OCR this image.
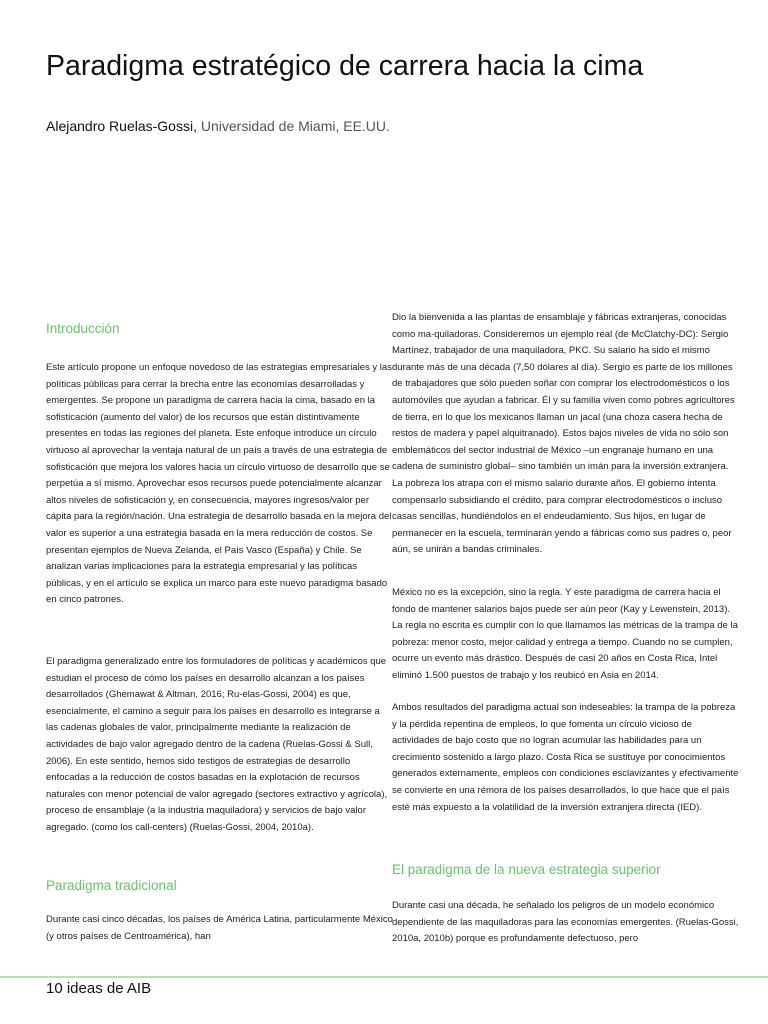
Paradigma estratégico de carrera hacia la cima
Alejandro Ruelas-Gossi, Universidad de Miami, EE.UU.
Introducción

Este artículo propone un enfoque novedoso de las estrategias empresariales y las políticas públicas para cerrar la brecha entre las economías desarrolladas y emergentes. Se propone un paradigma de carrera hacia la cima, basado en la sofisticación (aumento del valor) de los recursos que están distintivamente presentes en todas las regiones del planeta. Este enfoque introduce un círculo virtuoso al aprovechar la ventaja natural de un país a través de una estrategia de sofisticación que mejora los valores hacia un círculo virtuoso de desarrollo que se perpetúa a sí mismo. Aprovechar esos recursos puede potencialmente alcanzar altos niveles de sofisticación y, en consecuencia, mayores ingresos/valor per cápita para la región/nación. Una estrategia de desarrollo basada en la mejora del valor es superior a una estrategia basada en la mera reducción de costos. Se presentan ejemplos de Nueva Zelanda, el País Vasco (España) y Chile. Se analizan varias implicaciones para la estrategia empresarial y las políticas públicas, y en el artículo se explica un marco para este nuevo paradigma basado en cinco patrones.

El paradigma generalizado entre los formuladores de políticas y académicos que estudian el proceso de cómo los países en desarrollo alcanzan a los países desarrollados (Ghemawat & Altman, 2016; Ru-elas-Gossi, 2004) es que, esencialmente, el camino a seguir para los países en desarrollo es integrarse a las cadenas globales de valor, principalmente mediante la realización de actividades de bajo valor agregado dentro de la cadena (Ruelas-Gossi & Sull, 2006). En este sentido, hemos sido testigos de estrategias de desarrollo enfocadas a la reducción de costos basadas en la explotación de recursos naturales con menor potencial de valor agregado (sectores extractivo y agrícola), proceso de ensamblaje (a la industria maquiladora) y servicios de bajo valor agregado. (como los call-centers) (Ruelas-Gossi, 2004, 2010a).

Paradigma tradicional

Durante casi cinco décadas, los países de América Latina, particularmente México (y otros países de Centroamérica), han

Dio la bienvenida a las plantas de ensamblaje y fábricas extranjeras, conocidas como ma-quiladoras. Consideremos un ejemplo real (de McClatchy-DC): Sergio Martínez, trabajador de una maquiladora, PKC. Su salario ha sido el mismo durante más de una década (7,50 dólares al día). Sergio es parte de los millones de trabajadores que sólo pueden soñar con comprar los electrodomésticos o los automóviles que ayudan a fabricar. Él y su familia viven como pobres agricultores de tierra, en lo que los mexicanos llaman un jacal (una choza casera hecha de restos de madera y papel alquitranado). Estos bajos niveles de vida no sólo son emblemáticos del sector industrial de México –un engranaje humano en una cadena de suministro global– sino también un imán para la inversión extranjera. La pobreza los atrapa con el mismo salario durante años. El gobierno intenta compensarlo subsidiando el crédito, para comprar electrodomésticos o incluso casas sencillas, hundiéndolos en el endeudamiento. Sus hijos, en lugar de permanecer en la escuela, terminarán yendo a fábricas como sus padres o, peor aún, se unirán a bandas criminales.

México no es la excepción, sino la regla. Y este paradigma de carrera hacia el fondo de mantener salarios bajos puede ser aún peor (Kay y Lewenstein, 2013). La regla no escrita es cumplir con lo que llamamos las métricas de la trampa de la pobreza: menor costo, mejor calidad y entrega a tiempo. Cuando no se cumplen, ocurre un evento más drástico. Después de casi 20 años en Costa Rica, Intel eliminó 1.500 puestos de trabajo y los reubicó en Asia en 2014.

Ambos resultados del paradigma actual son indeseables: la trampa de la pobreza y la pérdida repentina de empleos, lo que fomenta un círculo vicioso de actividades de bajo costo que no logran acumular las habilidades para un crecimiento sostenido a largo plazo. Costa Rica se sustituye por conocimientos generados externamente, empleos con condiciones esclavizantes y efectivamente se convierte en una rémora de los países desarrollados, lo que hace que el país esté más expuesto a la volatilidad de la inversión extranjera directa (IED).

El paradigma de la nueva estrategia superior

Durante casi una década, he señalado los peligros de un modelo económico dependiente de las maquiladoras para las economías emergentes. (Ruelas-Gossi, 2010a, 2010b) porque es profundamente defectuoso, pero

10 ideas de AIB
